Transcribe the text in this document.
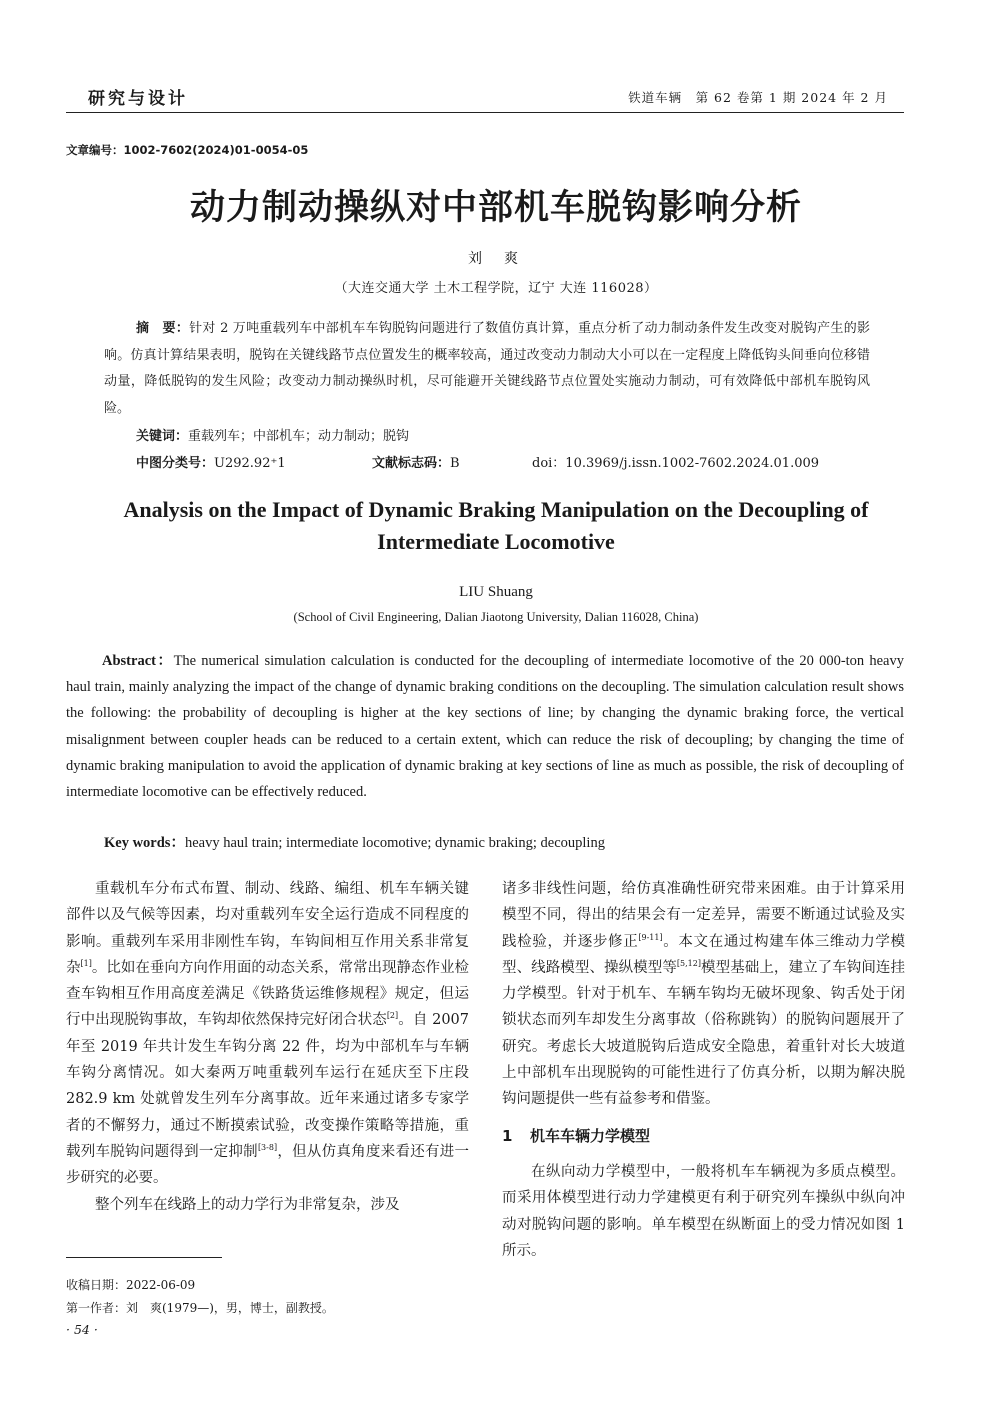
研究与设计	铁道车辆　第 62 卷第 1 期 2024 年 2 月
文章编号：1002-7602(2024)01-0054-05
动力制动操纵对中部机车脱钩影响分析
刘爽
（大连交通大学 土木工程学院，辽宁 大连 116028）
摘　要：针对 2 万吨重载列车中部机车车钩脱钩问题进行了数值仿真计算，重点分析了动力制动条件发生改变对脱钩产生的影响。仿真计算结果表明，脱钩在关键线路节点位置发生的概率较高，通过改变动力制动大小可以在一定程度上降低钩头间垂向位移错动量，降低脱钩的发生风险；改变动力制动操纵时机，尽可能避开关键线路节点位置处实施动力制动，可有效降低中部机车脱钩风险。
关键词：重载列车；中部机车；动力制动；脱钩
中图分类号：U292.92⁺1	文献标志码：B	doi：10.3969/j.issn.1002-7602.2024.01.009
Analysis on the Impact of Dynamic Braking Manipulation on the Decoupling of Intermediate Locomotive
LIU Shuang
(School of Civil Engineering, Dalian Jiaotong University, Dalian 116028, China)
Abstract：The numerical simulation calculation is conducted for the decoupling of intermediate locomotive of the 20 000-ton heavy haul train, mainly analyzing the impact of the change of dynamic braking conditions on the decoupling. The simulation calculation result shows the following: the probability of decoupling is higher at the key sections of line; by changing the dynamic braking force, the vertical misalignment between coupler heads can be reduced to a certain extent, which can reduce the risk of decoupling; by changing the time of dynamic braking manipulation to avoid the application of dynamic braking at key sections of line as much as possible, the risk of decoupling of intermediate locomotive can be effectively reduced.
Key words：heavy haul train; intermediate locomotive; dynamic braking; decoupling

重载机车分布式布置、制动、线路、编组、机车车辆关键部件以及气候等因素，均对重载列车安全运行造成不同程度的影响。重载列车采用非刚性车钩，车钩间相互作用关系非常复杂[1]。比如在垂向方向作用面的动态关系，常常出现静态作业检查车钩相互作用高度差满足《铁路货运维修规程》规定，但运行中出现脱钩事故，车钩却依然保持完好闭合状态[2]。自 2007 年至 2019 年共计发生车钩分离 22 件，均为中部机车与车辆车钩分离情况。如大秦两万吨重载列车运行在延庆至下庄段 282.9 km 处就曾发生列车分离事故。近年来通过诸多专家学者的不懈努力，通过不断摸索试验，改变操作策略等措施，重载列车脱钩问题得到一定抑制[3-8]，但从仿真角度来看还有进一步研究的必要。

整个列车在线路上的动力学行为非常复杂，涉及

诸多非线性问题，给仿真准确性研究带来困难。由于计算采用模型不同，得出的结果会有一定差异，需要不断通过试验及实践检验，并逐步修正[9-11]。本文在通过构建车体三维动力学模型、线路模型、操纵模型等[5,12]模型基础上，建立了车钩间连挂力学模型。针对于机车、车辆车钩均无破坏现象、钩舌处于闭锁状态而列车却发生分离事故（俗称跳钩）的脱钩问题展开了研究。考虑长大坡道脱钩后造成安全隐患，着重针对长大坡道上中部机车出现脱钩的可能性进行了仿真分析，以期为解决脱钩问题提供一些有益参考和借鉴。

1 机车车辆力学模型

在纵向动力学模型中，一般将机车车辆视为多质点模型。而采用体模型进行动力学建模更有利于研究列车操纵中纵向冲动对脱钩问题的影响。单车模型在纵断面上的受力情况如图 1 所示。

收稿日期：2022-06-09
第一作者：刘　爽(1979—)，男，博士，副教授。
· 54 ·
